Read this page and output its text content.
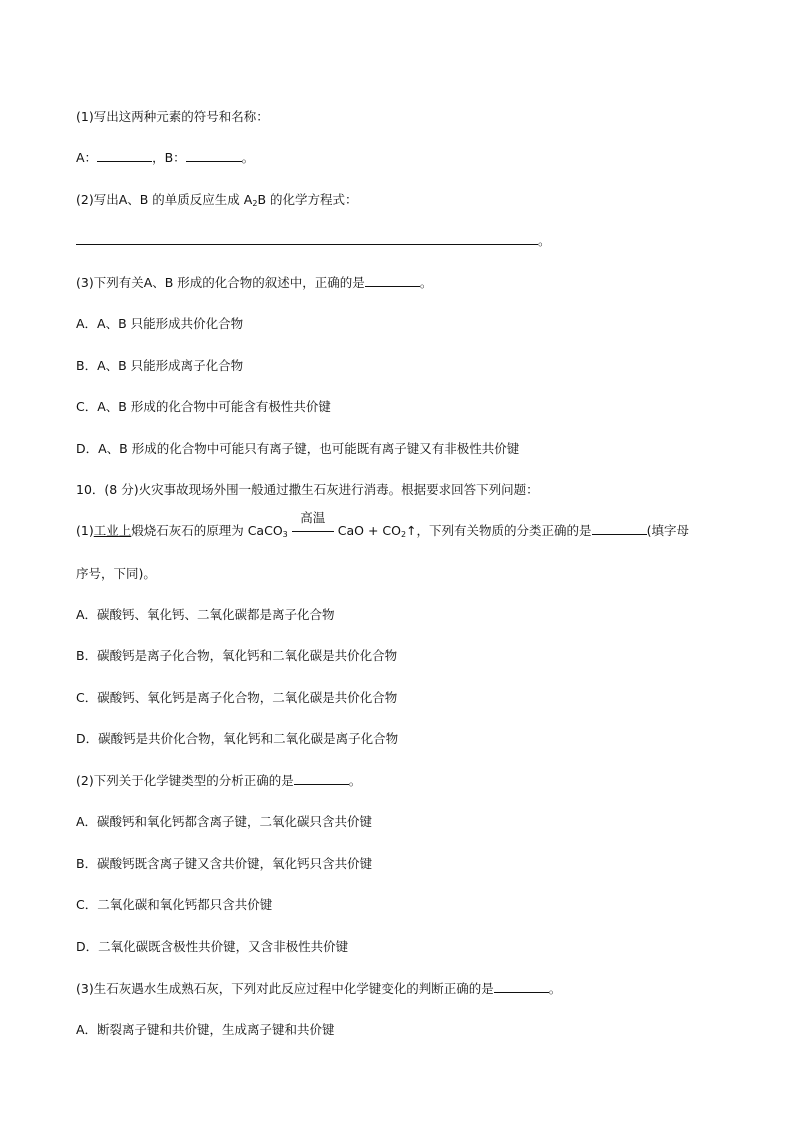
(1)写出这两种元素的符号和名称：
A：	，B：	。
(2)写出A、B 的单质反应生成 $A_2B$ 的化学方程式：
。
(3)下列有关A、B 形成的化合物的叙述中，正确的是	。
A．A、B 只能形成共价化合物
B．A、B 只能形成离子化合物
C．A、B 形成的化合物中可能含有极性共价键
D．A、B 形成的化合物中可能只有离子键，也可能既有离子键又有非极性共价键
10．(8 分)火灾事故现场外围一般通过撒生石灰进行消毒。根据要求回答下列问题：
(1)工业上煅烧石灰石的原理为 CaCO$_3$
高温
CaO + $CO_2↑$，下列有关物质的分类正确的是	(填字母
序号，下同)。
A．碳酸钙、氧化钙、二氧化碳都是离子化合物
B．碳酸钙是离子化合物，氧化钙和二氧化碳是共价化合物
C．碳酸钙、氧化钙是离子化合物，二氧化碳是共价化合物
D．碳酸钙是共价化合物，氧化钙和二氧化碳是离子化合物
(2)下列关于化学键类型的分析正确的是	。
A．碳酸钙和氧化钙都含离子键，二氧化碳只含共价键
B．碳酸钙既含离子键又含共价键，氧化钙只含共价键
C．二氧化碳和氧化钙都只含共价键
D．二氧化碳既含极性共价键，又含非极性共价键
(3)生石灰遇水生成熟石灰，下列对此反应过程中化学键变化的判断正确的是	。
A．断裂离子键和共价键，生成离子键和共价键
